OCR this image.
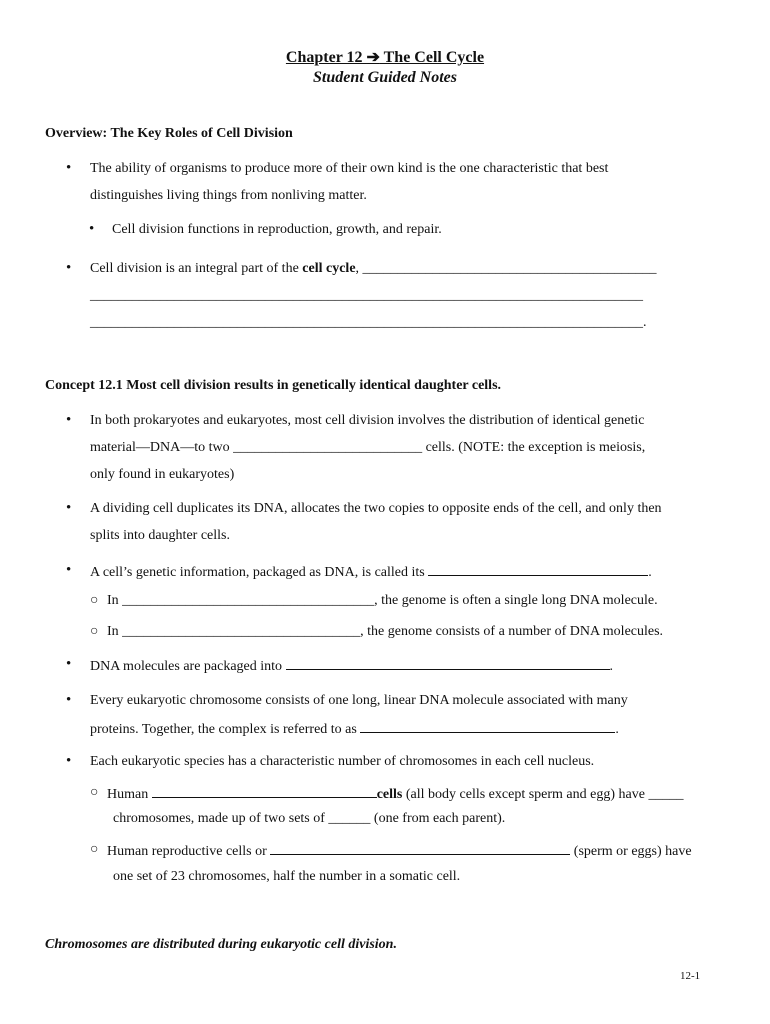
Chapter 12 ➔ The Cell Cycle
Student Guided Notes
Overview: The Key Roles of Cell Division
• The ability of organisms to produce more of their own kind is the one characteristic that best
distinguishes living things from nonliving matter.
• Cell division functions in reproduction, growth, and repair.
• Cell division is an integral part of the cell cycle, __________________________________________
_______________________________________________________________________________
_______________________________________________________________________________.
Concept 12.1 Most cell division results in genetically identical daughter cells.
• In both prokaryotes and eukaryotes, most cell division involves the distribution of identical genetic
material—DNA—to two ___________________________ cells. (NOTE: the exception is meiosis,
only found in eukaryotes)
• A dividing cell duplicates its DNA, allocates the two copies to opposite ends of the cell, and only then
splits into daughter cells.
• A cell’s genetic information, packaged as DNA, is called its	.
○ In ____________________________________, the genome is often a single long DNA molecule.
○ In __________________________________, the genome consists of a number of DNA molecules.
• DNA molecules are packaged into	.
• Every eukaryotic chromosome consists of one long, linear DNA molecule associated with many
proteins. Together, the complex is referred to as	.
• Each eukaryotic species has a characteristic number of chromosomes in each cell nucleus.
○ Human	cells (all body cells except sperm and egg) have _____
chromosomes, made up of two sets of ______ (one from each parent).
○ Human reproductive cells or	(sperm or eggs) have
one set of 23 chromosomes, half the number in a somatic cell.
Chromosomes are distributed during eukaryotic cell division.
12-1
